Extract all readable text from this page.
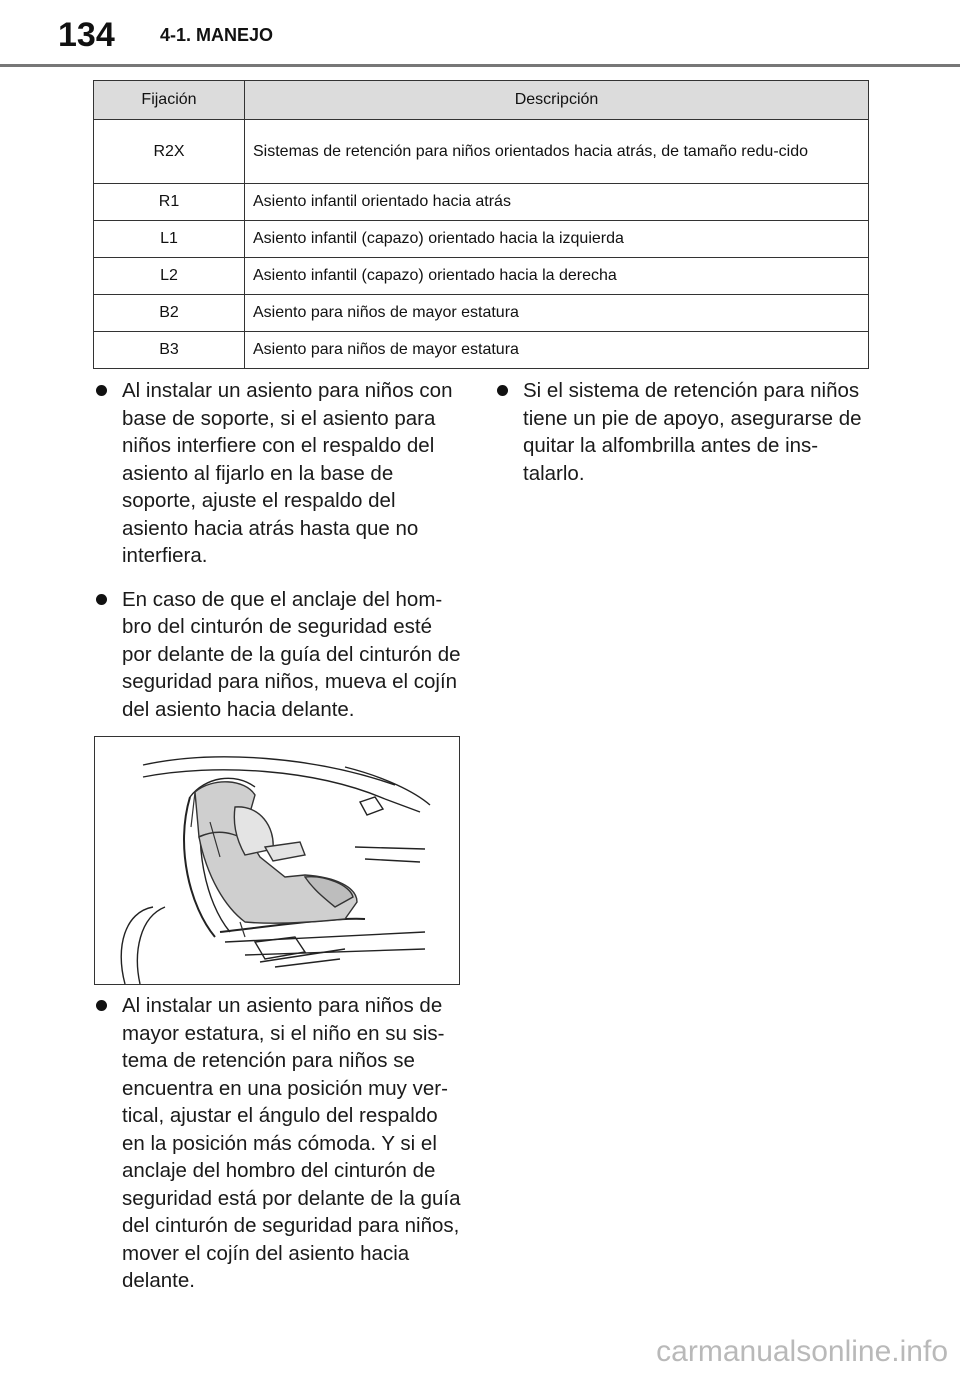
134	4-1. MANEJO
Fijación	Descripción
R2X	Sistemas de retención para niños orientados hacia atrás, de tamaño redu-cido
R1	Asiento infantil orientado hacia atrás
L1	Asiento infantil (capazo) orientado hacia la izquierda
L2	Asiento infantil (capazo) orientado hacia la derecha
B2	Asiento para niños de mayor estatura
B3	Asiento para niños de mayor estatura
Al instalar un asiento para niños con base de soporte, si el asiento para niños interfiere con el respaldo del asiento al fijarlo en la base de soporte, ajuste el respaldo del asiento hacia atrás hasta que no interfiera.
En caso de que el anclaje del hom-bro del cinturón de seguridad esté por delante de la guía del cinturón de seguridad para niños, mueva el cojín del asiento hacia delante.
Si el sistema de retención para niños tiene un pie de apoyo, asegurarse de quitar la alfombrilla antes de ins-talarlo.
Al instalar un asiento para niños de mayor estatura, si el niño en su sis-tema de retención para niños se encuentra en una posición muy ver-tical, ajustar el ángulo del respaldo en la posición más cómoda. Y si el anclaje del hombro del cinturón de seguridad está por delante de la guía del cinturón de seguridad para niños, mover el cojín del asiento hacia delante.
carmanualsonline.info
